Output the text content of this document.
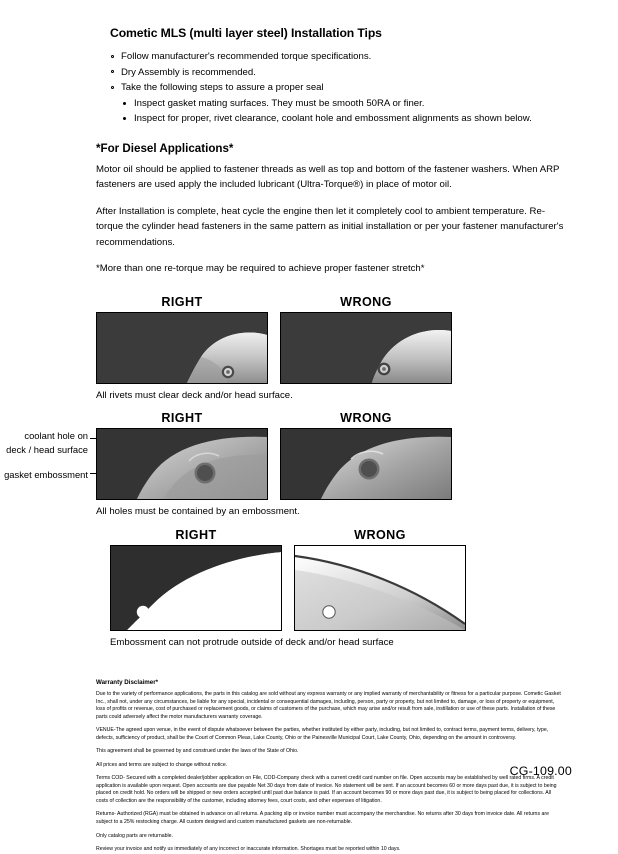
Cometic MLS (multi layer steel) Installation Tips
Follow manufacturer's recommended torque specifications.
Dry Assembly is recommended.
Take the following steps to assure a proper seal
Inspect gasket mating surfaces. They must be smooth 50RA or finer.
Inspect for proper, rivet clearance, coolant hole and embossment alignments as shown below.
*For Diesel Applications*

Motor oil should be applied to fastener threads as well as top and bottom of the fastener washers. When ARP fasteners are used apply the included lubricant (Ultra-Torque®) in place of motor oil.

After Installation is complete, heat cycle the engine then let it completely cool to ambient temperature. Re-torque the cylinder head fasteners in the same pattern as initial installation or per your fastener manufacturer's recommendations.

*More than one re-torque may be required to achieve proper fastener stretch*

RIGHT	WRONG
All rivets must clear deck and/or head surface.
coolant hole on
deck / head surface
gasket embossment
RIGHT	WRONG
All holes must be contained by an embossment.
RIGHT	WRONG
Embossment can not protrude outside of deck and/or head surface
Warranty Disclaimer*

Due to the variety of performance applications, the parts in this catalog are sold without any express warranty or any implied warranty of merchantability or fitness for a particular purpose. Cometic Gasket Inc., shall not, under any circumstances, be liable for any special, incidental or consequential damages, including, person, party or property, but not limited to, damage, or loss of property or equipment, loss of profits or revenue, cost of purchased or replacement goods, or claims of customers of the purchase, which may arise and/or result from sale, instillation or use of these parts. Installation of these parts could adversely affect the motor manufacturers warranty coverage.

VENUE-The agreed upon venue, in the event of dispute whatsoever between the parties, whether instituted by either party, including, but not limited to, contract terms, payment terms, delivery, type, defects, sufficiency of product, shall be the Court of Common Pleas, Lake County, Ohio or the Painesville Municipal Court, Lake County, Ohio, depending on the amount in controversy.

This agreement shall be governed by and construed under the laws of the State of Ohio.

All prices and terms are subject to change without notice.

Terms COD- Secured with a completed dealer/jobber application on File, COD-Company check with a current credit card number on file. Open accounts may be established by well rated firms. A credit application is available upon request. Open accounts are due payable Net 30 days from date of invoice. No statement will be sent. If an account becomes 60 or more days past due, it is subject to being placed on credit hold. No orders will be shipped or new orders accepted until past due balance is paid. If an account becomes 90 or more days past due, it is subject to being placed for collections. All costs of collection are the responsibility of the customer, including attorney fees, court costs, and other expenses of litigation.

Returns- Authorized (RGA) must be obtained in advance on all returns. A packing slip or invoice number must accompany the merchandise. No returns after 30 days from invoice date. All returns are subject to a 25% restocking charge. All custom designed and custom manufactured gaskets are non-returnable.

Only catalog parts are returnable.

Review your invoice and notify us immediately of any incorrect or inaccurate information. Shortages must be reported within 10 days.

CG-109.00
